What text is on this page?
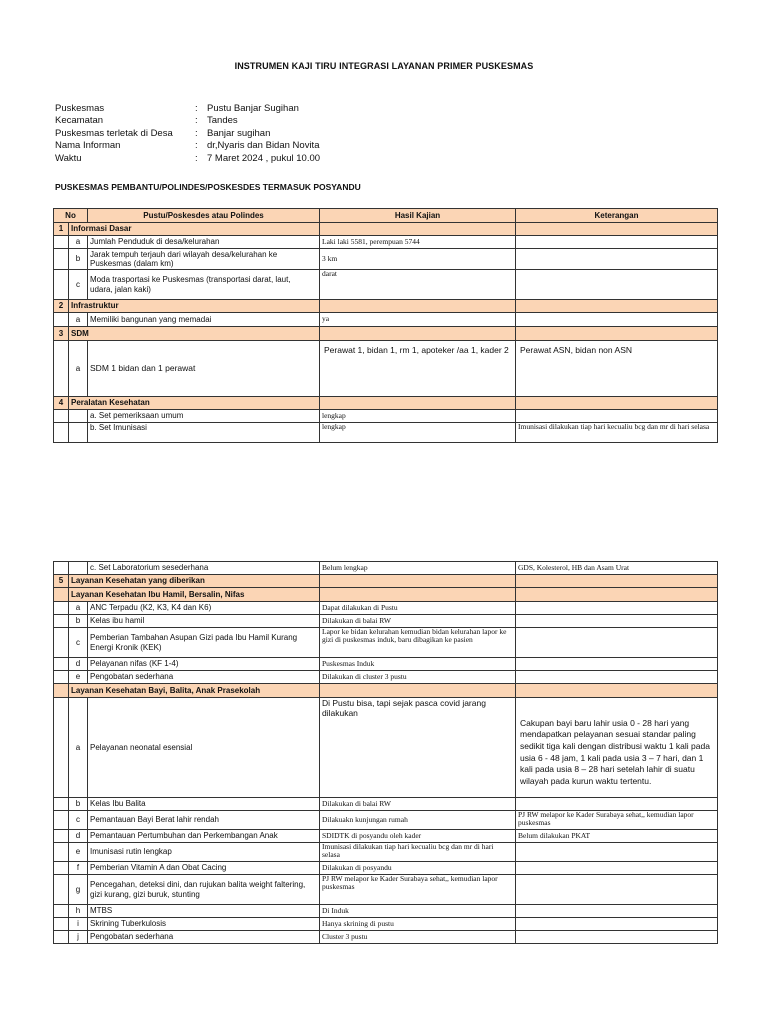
INSTRUMEN KAJI TIRU INTEGRASI LAYANAN PRIMER PUSKESMAS
Puskesmas	: Pustu Banjar Sugihan
Kecamatan	: Tandes
Puskesmas terletak di Desa	: Banjar sugihan
Nama Informan	: dr,Nyaris dan Bidan Novita
Waktu	: 7 Maret 2024 , pukul 10.00
PUSKESMAS PEMBANTU/POLINDES/POSKESDES TERMASUK POSYANDU
No		Pustu/Poskesdes atau Polindes	Hasil Kajian	Keterangan
1	Informasi Dasar			
	a	Jumlah Penduduk di desa/kelurahan	Laki laki 5581, perempuan 5744	
	b	Jarak tempuh terjauh dari wilayah desa/kelurahan ke Puskesmas (dalam km)	3 km	
	c	Moda trasportasi ke Puskesmas (transportasi darat, laut,
udara, jalan kaki)	darat	
2	Infrastruktur			
	a	Memiliki bangunan yang memadai	ya	
3	SDM			
	a	SDM 1 bidan dan 1 perawat	Perawat 1, bidan 1, rm 1, apoteker /aa 1, kader 2	Perawat ASN, bidan non ASN
4	Peralatan Kesehatan			
		a. Set pemeriksaan umum	lengkap	
		b. Set Imunisasi	lengkap	Imunisasi dilakukan tiap hari kecualiu bcg dan mr di hari selasa
		c. Set Laboratorium sesederhana	Belum lengkap	GDS, Kolesterol, HB dan Asam Urat
5	Layanan Kesehatan yang diberikan			
	Layanan Kesehatan Ibu Hamil, Bersalin, Nifas			
	a	ANC Terpadu (K2, K3, K4 dan K6)	Dapat dilakukan di Pustu	
	b	Kelas ibu hamil	Dilakukan di balai RW	
	c	Pemberian Tambahan Asupan Gizi pada Ibu Hamil Kurang
Energi Kronik (KEK)	Lapor ke bidan kelurahan kemudian bidan kelurahan lapor ke gizi di puskesmas induk, baru dibagikan ke pasien	
	d	Pelayanan nifas (KF 1-4)	Puskesmas Induk	
	e	Pengobatan sederhana	Dilakukan di cluster 3 pustu	
	Layanan Kesehatan Bayi, Balita, Anak Prasekolah			
	a	Pelayanan neonatal esensial	Di Pustu bisa, tapi sejak pasca covid jarang dilakukan	Cakupan bayi baru lahir usia 0 - 28 hari yang mendapatkan pelayanan sesuai standar paling sedikit tiga kali dengan distribusi waktu 1 kali pada usia 6 - 48 jam, 1 kali pada usia 3 – 7 hari, dan 1 kali pada usia 8 – 28 hari setelah lahir di suatu wilayah pada kurun waktu tertentu.
	b	Kelas Ibu Balita	Dilakukan di balai RW	
	c	Pemantauan Bayi Berat lahir rendah	Dilakuakn kunjungan rumah	PJ RW melapor ke Kader Surabaya sehat,, kemudian lapor puskesmas
	d	Pemantauan Pertumbuhan dan Perkembangan Anak	SDIDTK di posyandu oleh kader	Belum dilakukan PKAT
	e	Imunisasi rutin lengkap	Imunisasi dilakukan tiap hari kecualiu bcg dan mr di hari selasa	
	f	Pemberian Vitamin A dan Obat Cacing	Dilakukan di posyandu	
	g	Pencegahan, deteksi dini, dan rujukan balita weight faltering,
gizi kurang, gizi buruk, stunting	PJ RW melapor ke Kader Surabaya sehat,, kemudian lapor puskesmas	
	h	MTBS	Di Induk	
	i	Skrining Tuberkulosis	Hanya skrining di pustu	
	j	Pengobatan sederhana	Cluster 3 pustu	
